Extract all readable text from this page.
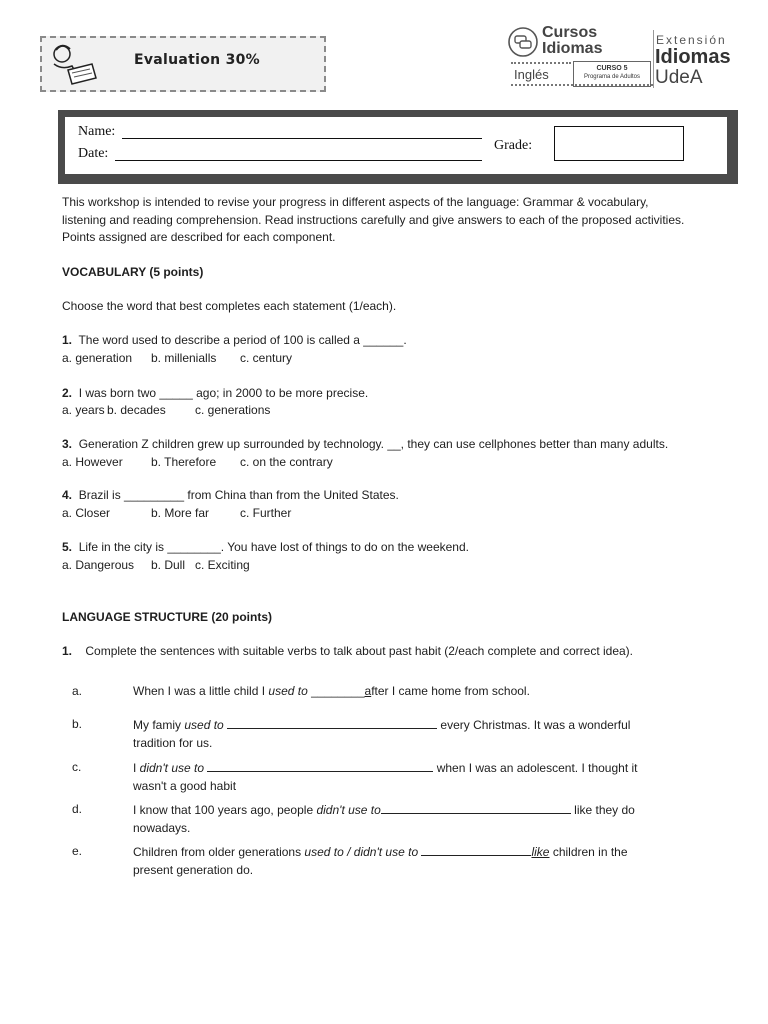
Evaluation 30%
Cursos
Idiomas
Inglés	CURSO 5
Programa de Adultos
Extensión
Idiomas
UdeA
Name:
Date:
Grade:
This workshop is intended to revise your progress in different aspects of the language: Grammar & vocabulary,
listening and reading comprehension. Read instructions carefully and give answers to each of the proposed activities.
Points assigned are described for each component.
VOCABULARY (5 points)
Choose the word that best completes each statement (1/each).
1. The word used to describe a period of 100 is called a ______.
a. generation b. millenialls c. century
2. I was born two _____ ago; in 2000 to be more precise.
a. years b. decades c. generations
3. Generation Z children grew up surrounded by technology. __, they can use cellphones better than many adults.
a. However b. Therefore c. on the contrary
4. Brazil is _________ from China than from the United States.
a. Closer	b. More far	c. Further
5. Life in the city is ________. You have lost of things to do on the weekend.
a. Dangerous b. Dull c. Exciting
LANGUAGE STRUCTURE (20 points)
1. Complete the sentences with suitable verbs to talk about past habit (2/each complete and correct idea).
a.	When I was a little child I used to ________after I came home from school.
b.	My famiy used to	every Christmas. It was a wonderful
tradition for us.
c.	I didn't use to	when I was an adolescent. I thought it
wasn't a good habit
d.	I know that 100 years ago, people didn't use to	like they do
nowadays.
e.	Children from older generations used to / didn't use to	like children in the
present generation do.
